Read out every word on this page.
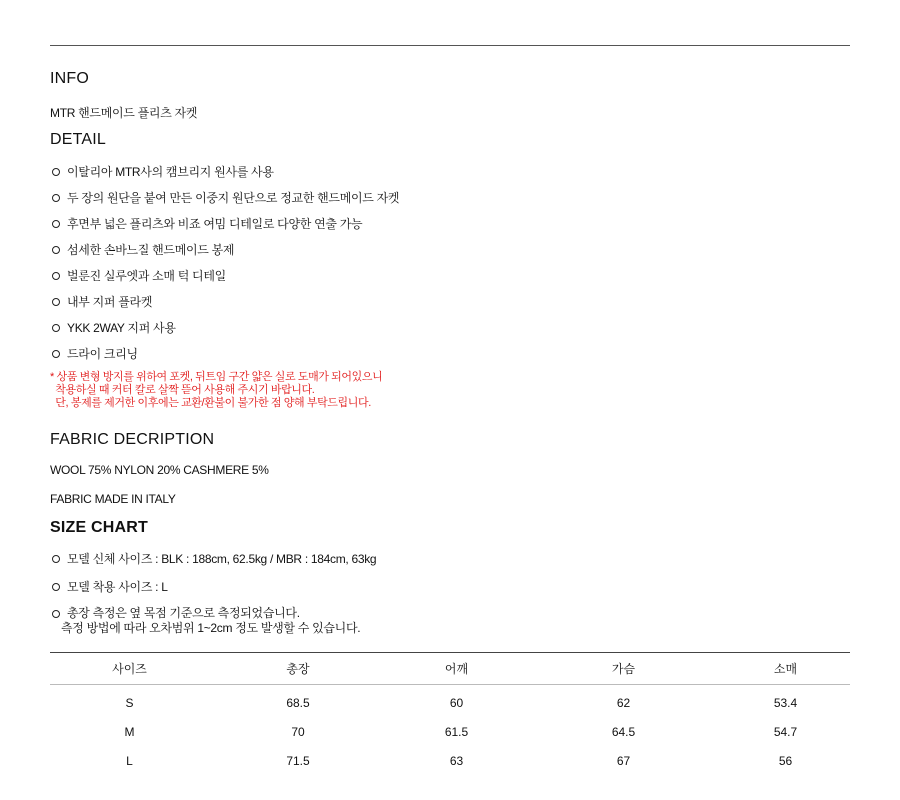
INFO
MTR 핸드메이드 플리츠 자켓
DETAIL
이탈리아 MTR사의 캠브리지 원사를 사용
두 장의 원단을 붙여 만든 이중지 원단으로 정교한 핸드메이드 자켓
후면부 넓은 플리츠와 비죠 여밈 디테일로 다양한 연출 가능
섬세한 손바느질 핸드메이드 봉제
벌룬진 실루엣과 소매 턱 디테일
내부 지퍼 플라켓
YKK 2WAY 지퍼 사용
드라이 크리닝
* 상품 변형 방지를 위하여 포켓, 뒤트임 구간 얇은 실로 도매가 되어있으니
착용하실 때 커터 칼로 살짝 뜯어 사용해 주시기 바랍니다.
단, 봉제를 제거한 이후에는 교환/환불이 불가한 점 양해 부탁드립니다.
FABRIC DECRIPTION
WOOL 75% NYLON 20% CASHMERE 5%
FABRIC MADE IN ITALY
SIZE CHART
모델 신체 사이즈 : BLK : 188cm, 62.5kg / MBR : 184cm, 63kg
모델 착용 사이즈 : L
총장 측정은 옆 목점 기준으로 측정되었습니다.
측정 방법에 따라 오차범위 1~2cm 정도 발생할 수 있습니다.
사이즈	총장	어깨	가슴	소매
S	68.5	60	62	53.4
M	70	61.5	64.5	54.7
L	71.5	63	67	56
